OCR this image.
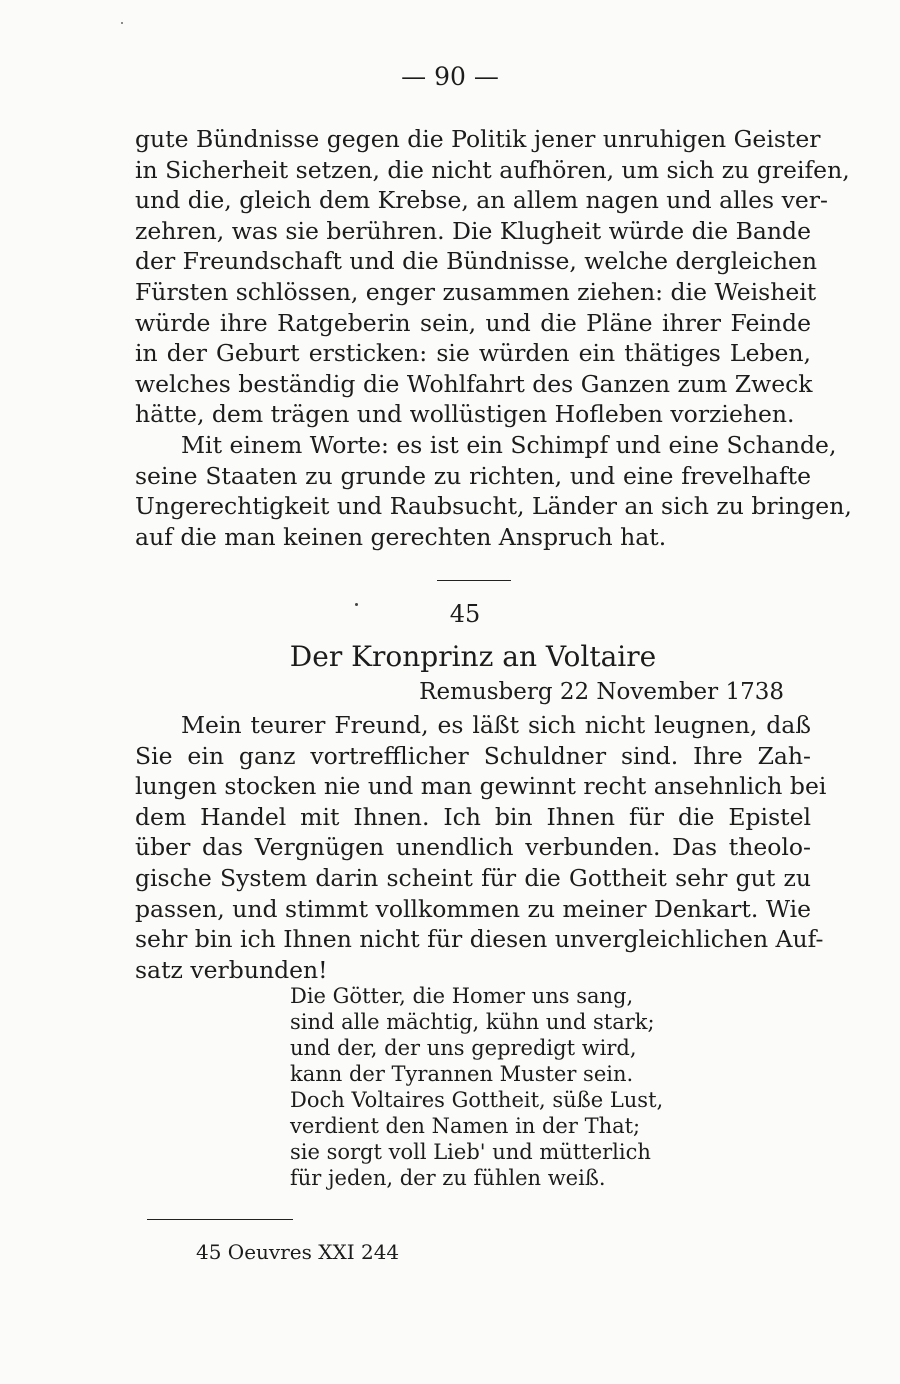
— 90 —
gute Bündnisse gegen die Politik jener unruhigen Geister
in Sicherheit setzen, die nicht aufhören, um sich zu greifen,
und die, gleich dem Krebse, an allem nagen und alles ver-
zehren, was sie berühren. Die Klugheit würde die Bande
der Freundschaft und die Bündnisse, welche dergleichen
Fürsten schlössen, enger zusammen ziehen: die Weisheit
würde ihre Ratgeberin sein, und die Pläne ihrer Feinde
in der Geburt ersticken: sie würden ein thätiges Leben,
welches beständig die Wohlfahrt des Ganzen zum Zweck
hätte, dem trägen und wollüstigen Hofleben vorziehen.
Mit einem Worte: es ist ein Schimpf und eine Schande,
seine Staaten zu grunde zu richten, und eine frevelhafte
Ungerechtigkeit und Raubsucht, Länder an sich zu bringen,
auf die man keinen gerechten Anspruch hat.
45
Der Kronprinz an Voltaire
Remusberg 22 November 1738
Mein teurer Freund, es läßt sich nicht leugnen, daß
Sie ein ganz vortrefflicher Schuldner sind. Ihre Zah-
lungen stocken nie und man gewinnt recht ansehnlich bei
dem Handel mit Ihnen. Ich bin Ihnen für die Epistel
über das Vergnügen unendlich verbunden. Das theolo-
gische System darin scheint für die Gottheit sehr gut zu
passen, und stimmt vollkommen zu meiner Denkart. Wie
sehr bin ich Ihnen nicht für diesen unvergleichlichen Auf-
satz verbunden!
Die Götter, die Homer uns sang,
sind alle mächtig, kühn und stark;
und der, der uns gepredigt wird,
kann der Tyrannen Muster sein.
Doch Voltaires Gottheit, süße Lust,
verdient den Namen in der That;
sie sorgt voll Lieb' und mütterlich
für jeden, der zu fühlen weiß.
45 Oeuvres XXI 244
